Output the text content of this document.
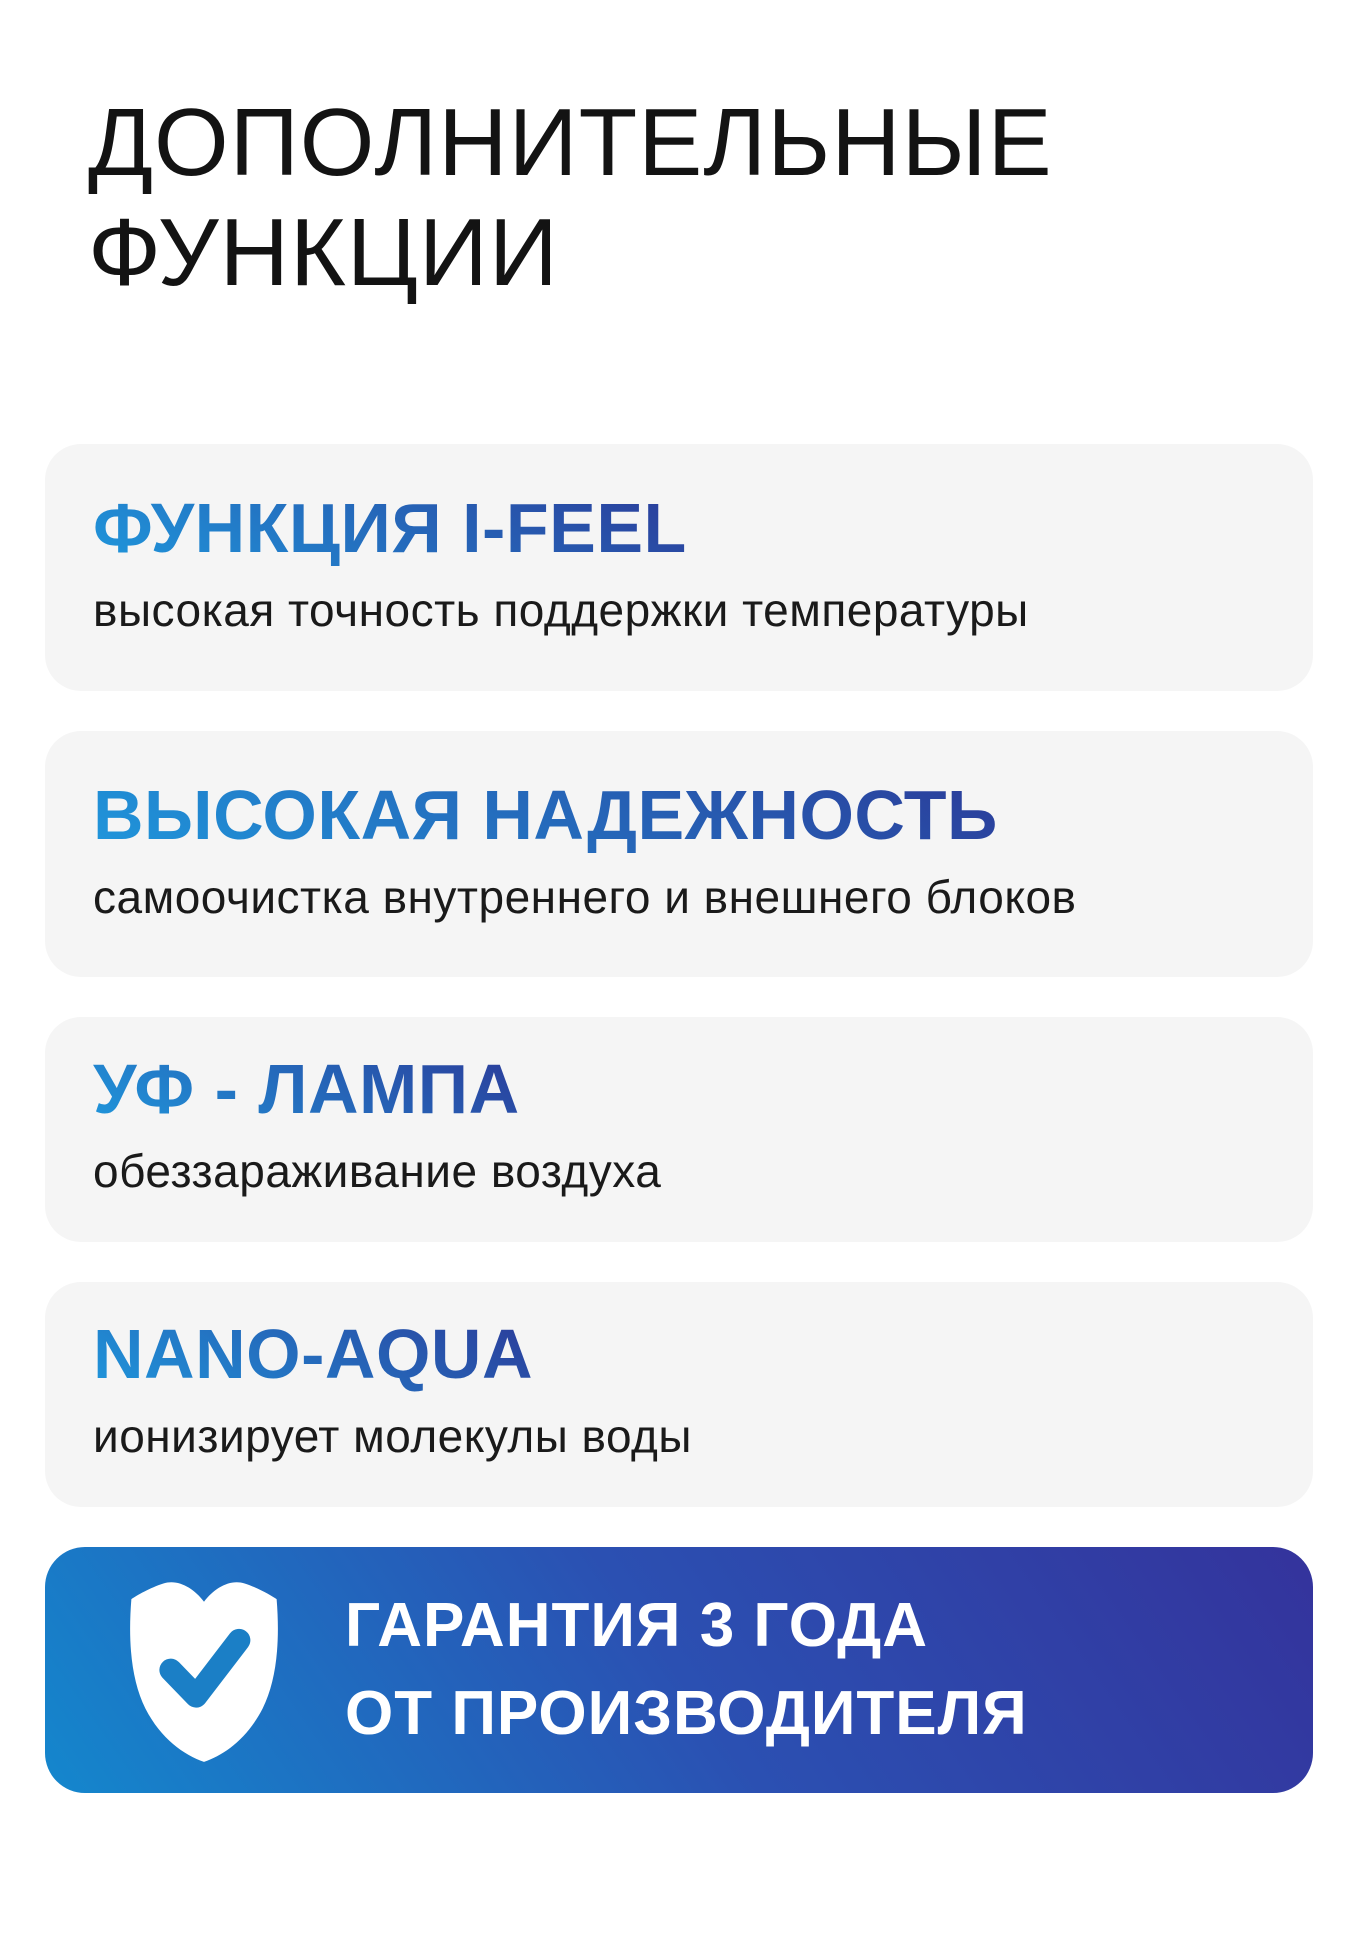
ДОПОЛНИТЕЛЬНЫЕ
ФУНКЦИИ
ФУНКЦИЯ I-FEEL

высокая точность поддержки температуры

ВЫСОКАЯ НАДЕЖНОСТЬ

самоочистка внутреннего и внешнего блоков

УФ - ЛАМПА

обеззараживание воздуха

NANO-AQUA

ионизирует молекулы воды

ГАРАНТИЯ 3 ГОДА
ОТ ПРОИЗВОДИТЕЛЯ
